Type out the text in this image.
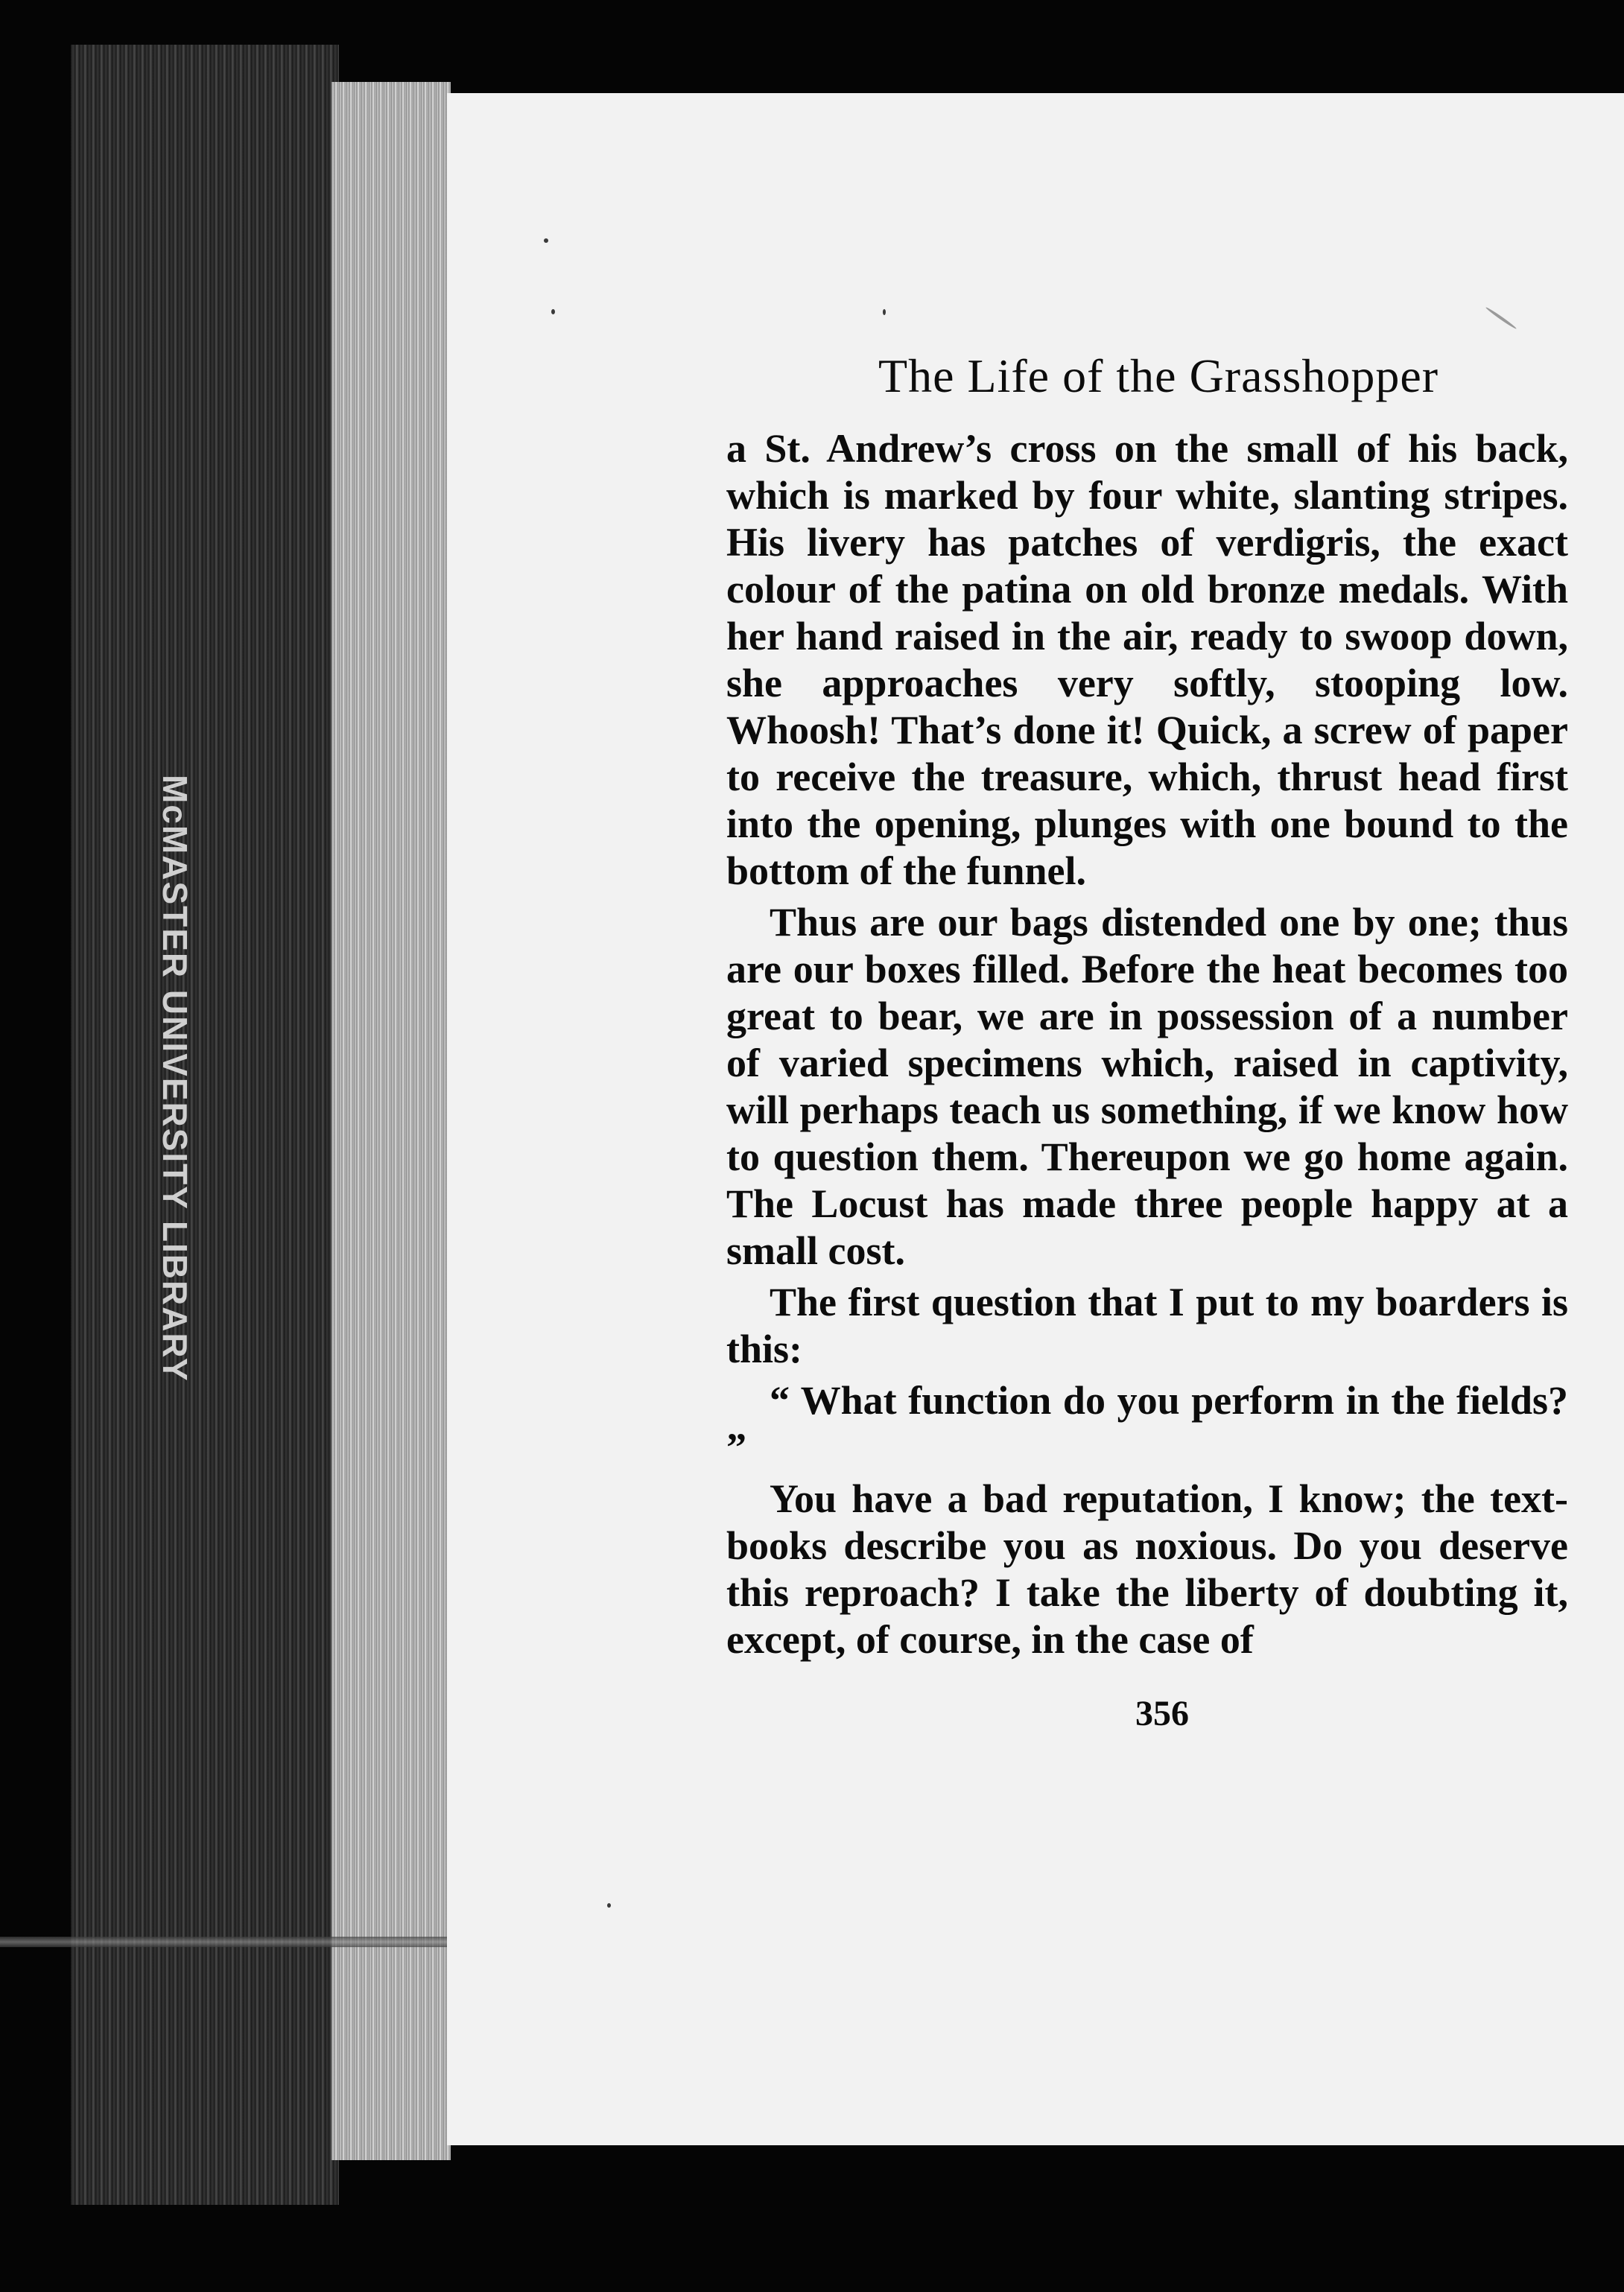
McMASTER UNIVERSITY LIBRARY
The Life of the Grasshopper

a St. Andrew’s cross on the small of his back, which is marked by four white, slanting stripes. His livery has patches of verdigris, the exact colour of the patina on old bronze medals. With her hand raised in the air, ready to swoop down, she approaches very softly, stooping low. Whoosh! That’s done it! Quick, a screw of paper to receive the treasure, which, thrust head first into the opening, plunges with one bound to the bottom of the funnel.

Thus are our bags distended one by one; thus are our boxes filled. Before the heat becomes too great to bear, we are in possession of a number of varied specimens which, raised in captivity, will perhaps teach us something, if we know how to question them. Thereupon we go home again. The Locust has made three people happy at a small cost.

The first question that I put to my boarders is this:

“ What function do you perform in the fields? ”

You have a bad reputation, I know; the text-books describe you as noxious. Do you deserve this reproach? I take the liberty of doubting it, except, of course, in the case of

356
